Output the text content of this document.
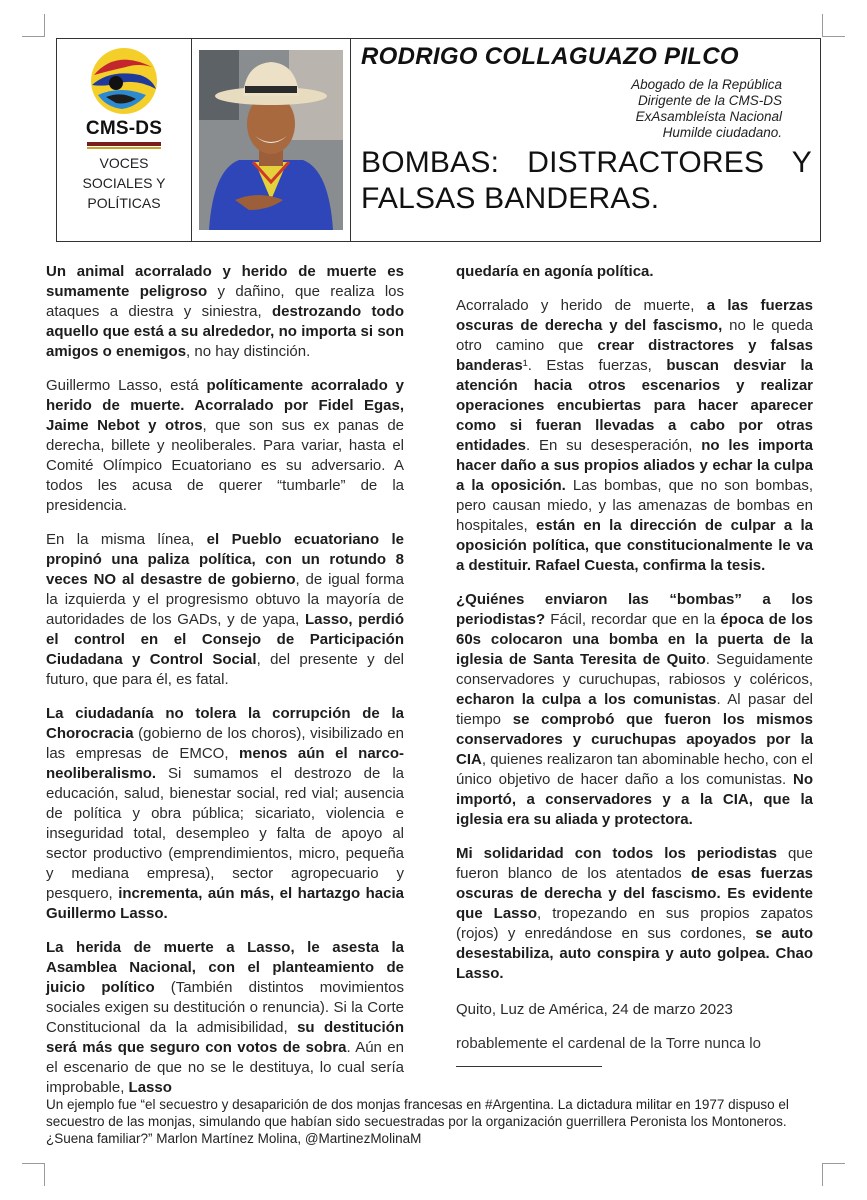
CMS-DS
VOCES
SOCIALES Y
POLÍTICAS
RODRIGO COLLAGUAZO PILCO
Abogado de la República
Dirigente de la CMS-DS
ExAsambleísta Nacional
Humilde ciudadano.
BOMBAS: DISTRACTORES Y FALSAS BANDERAS.

Un animal acorralado y herido de muerte es sumamente peligroso y dañino, que realiza los ataques a diestra y siniestra, destrozando todo aquello que está a su alrededor, no importa si son amigos o enemigos, no hay distinción.

Guillermo Lasso, está políticamente acorralado y herido de muerte. Acorralado por Fidel Egas, Jaime Nebot y otros, que son sus ex panas de derecha, billete y neoliberales. Para variar, hasta el Comité Olímpico Ecuatoriano es su adversario. A todos les acusa de querer “tumbarle” de la presidencia.

En la misma línea, el Pueblo ecuatoriano le propinó una paliza política, con un rotundo 8 veces NO al desastre de gobierno, de igual forma la izquierda y el progresismo obtuvo la mayoría de autoridades de los GADs, y de yapa, Lasso, perdió el control en el Consejo de Participación Ciudadana y Control Social, del presente y del futuro, que para él, es fatal.

La ciudadanía no tolera la corrupción de la Chorocracia (gobierno de los choros), visibilizado en las empresas de EMCO, menos aún el narco-neoliberalismo. Si sumamos el destrozo de la educación, salud, bienestar social, red vial; ausencia de política y obra pública; sicariato, violencia e inseguridad total, desempleo y falta de apoyo al sector productivo (emprendimientos, micro, pequeña y mediana empresa), sector agropecuario y pesquero, incrementa, aún más, el hartazgo hacia Guillermo Lasso.

La herida de muerte a Lasso, le asesta la Asamblea Nacional, con el planteamiento de juicio político (También distintos movimientos sociales exigen su destitución o renuncia). Si la Corte Constitucional da la admisibilidad, su destitución será más que seguro con votos de sobra. Aún en el escenario de que no se le destituya, lo cual sería improbable, Lasso

quedaría en agonía política.

Acorralado y herido de muerte, a las fuerzas oscuras de derecha y del fascismo, no le queda otro camino que crear distractores y falsas banderas¹. Estas fuerzas, buscan desviar la atención hacia otros escenarios y realizar operaciones encubiertas para hacer aparecer como si fueran llevadas a cabo por otras entidades. En su desesperación, no les importa hacer daño a sus propios aliados y echar la culpa a la oposición. Las bombas, que no son bombas, pero causan miedo, y las amenazas de bombas en hospitales, están en la dirección de culpar a la oposición política, que constitucionalmente le va a destituir. Rafael Cuesta, confirma la tesis.

¿Quiénes enviaron las “bombas” a los periodistas? Fácil, recordar que en la época de los 60s colocaron una bomba en la puerta de la iglesia de Santa Teresita de Quito. Seguidamente conservadores y curuchupas, rabiosos y coléricos, echaron la culpa a los comunistas. Al pasar del tiempo se comprobó que fueron los mismos conservadores y curuchupas apoyados por la CIA, quienes realizaron tan abominable hecho, con el único objetivo de hacer daño a los comunistas. No importó, a conservadores y a la CIA, que la iglesia era su aliada y protectora.

Mi solidaridad con todos los periodistas que fueron blanco de los atentados de esas fuerzas oscuras de derecha y del fascismo. Es evidente que Lasso, tropezando en sus propios zapatos (rojos) y enredándose en sus cordones, se auto desestabiliza, auto conspira y auto golpea. Chao Lasso.

Quito, Luz de América, 24 de marzo 2023
robablemente el cardenal de la Torre nunca lo
Un ejemplo fue “el secuestro y desaparición de dos monjas francesas en #Argentina. La dictadura militar en 1977 dispuso el secuestro de las monjas, simulando que habían sido secuestradas por la organización guerrillera Peronista los Montoneros. ¿Suena familiar?” Marlon Martínez Molina, @MartinezMolinaM
